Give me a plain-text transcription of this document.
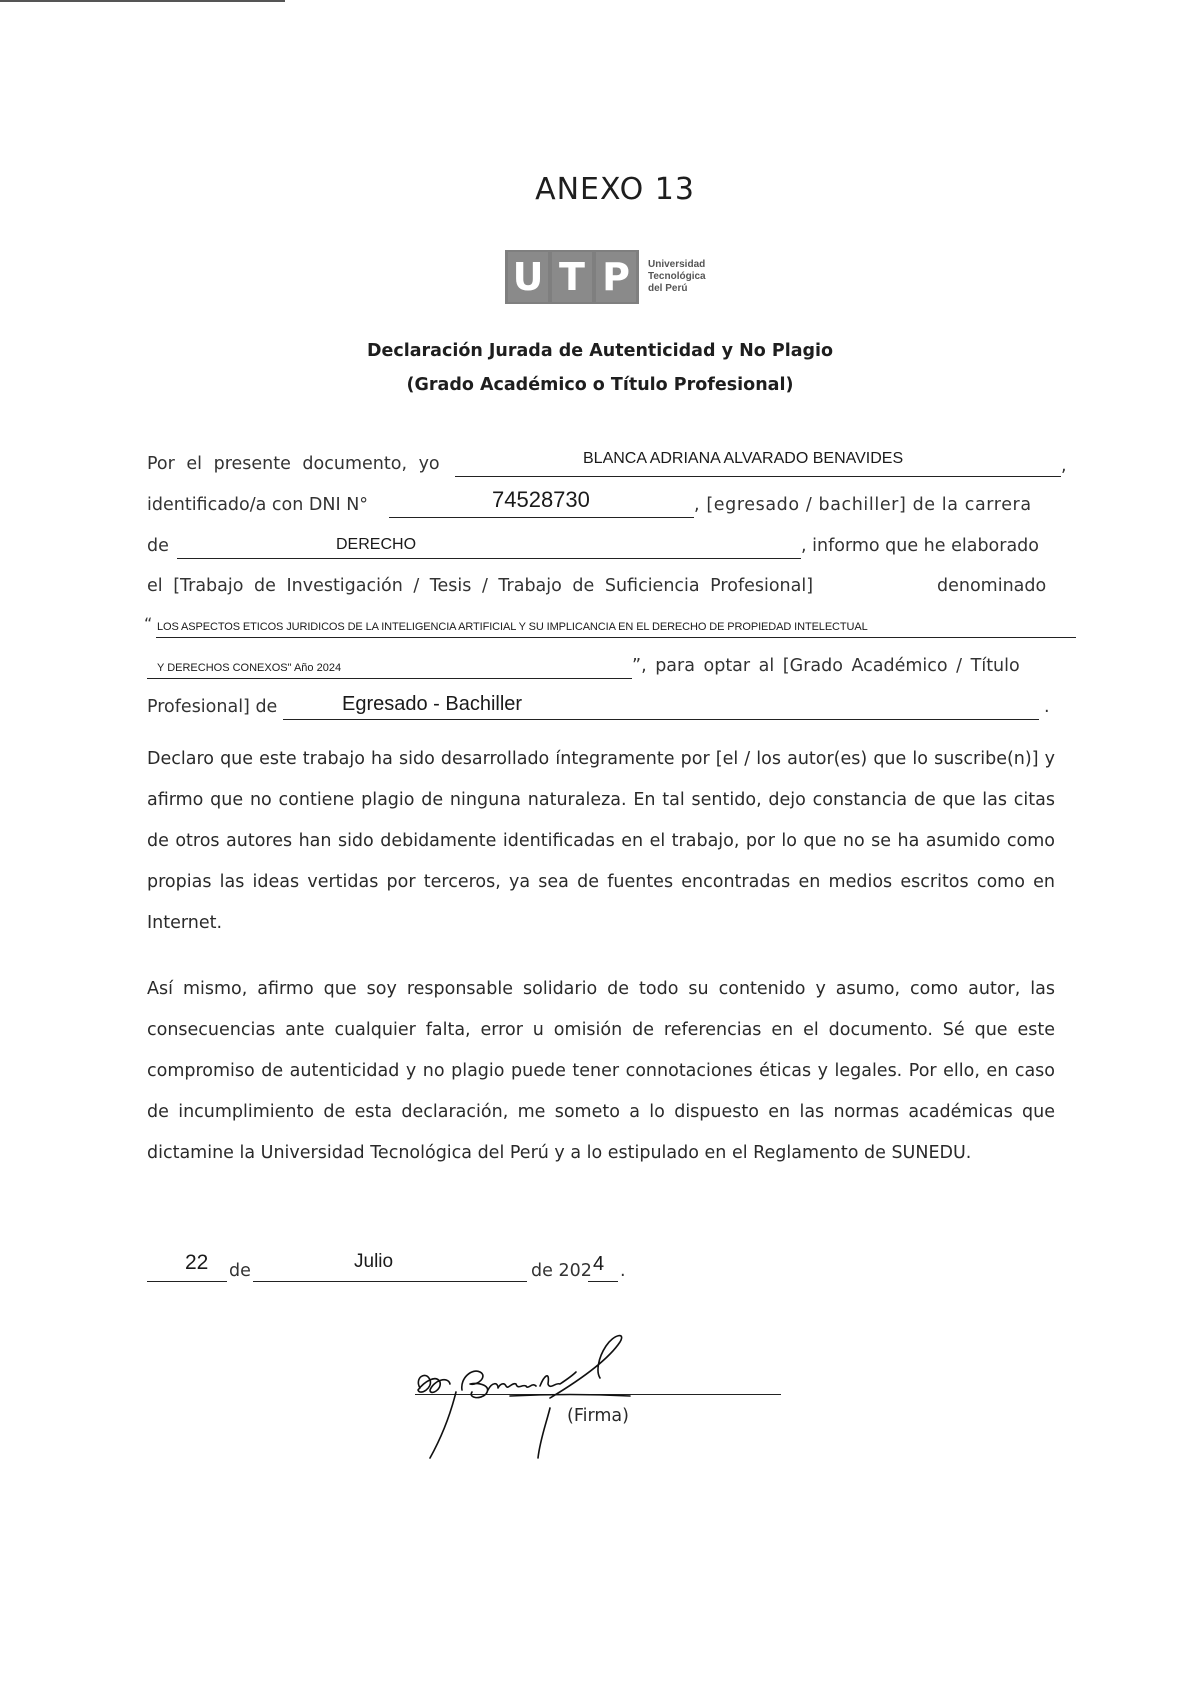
ANEXO 13
U T P	Universidad
Tecnológica
del Perú
Declaración Jurada de Autenticidad y No Plagio
(Grado Académico o Título Profesional)
Por el presente documento, yo	BLANCA ADRIANA ALVARADO BENAVIDES	,
identificado/a con DNI N°	74528730	, [egresado / bachiller] de la carrera
de	DERECHO	, informo que he elaborado
el [Trabajo de Investigación / Tesis / Trabajo de Suficiencia Profesional]	denominado
“ LOS ASPECTOS ETICOS JURIDICOS DE LA INTELIGENCIA ARTIFICIAL Y SU IMPLICANCIA EN EL DERECHO DE PROPIEDAD INTELECTUAL
Y DERECHOS CONEXOS" Año 2024	”, para optar al [Grado Académico / Título
Profesional] de	Egresado - Bachiller	.
Declaro que este trabajo ha sido desarrollado íntegramente por [el / los autor(es) que lo suscribe(n)] y afirmo que no contiene plagio de ninguna naturaleza. En tal sentido, dejo constancia de que las citas de otros autores han sido debidamente identificadas en el trabajo, por lo que no se ha asumido como propias las ideas vertidas por terceros, ya sea de fuentes encontradas en medios escritos como en Internet.
Así mismo, afirmo que soy responsable solidario de todo su contenido y asumo, como autor, las consecuencias ante cualquier falta, error u omisión de referencias en el documento. Sé que este compromiso de autenticidad y no plagio puede tener connotaciones éticas y legales. Por ello, en caso de incumplimiento de esta declaración, me someto a lo dispuesto en las normas académicas que dictamine la Universidad Tecnológica del Perú y a lo estipulado en el Reglamento de SUNEDU.
22 de	Julio	de 202 4 .
(Firma)
